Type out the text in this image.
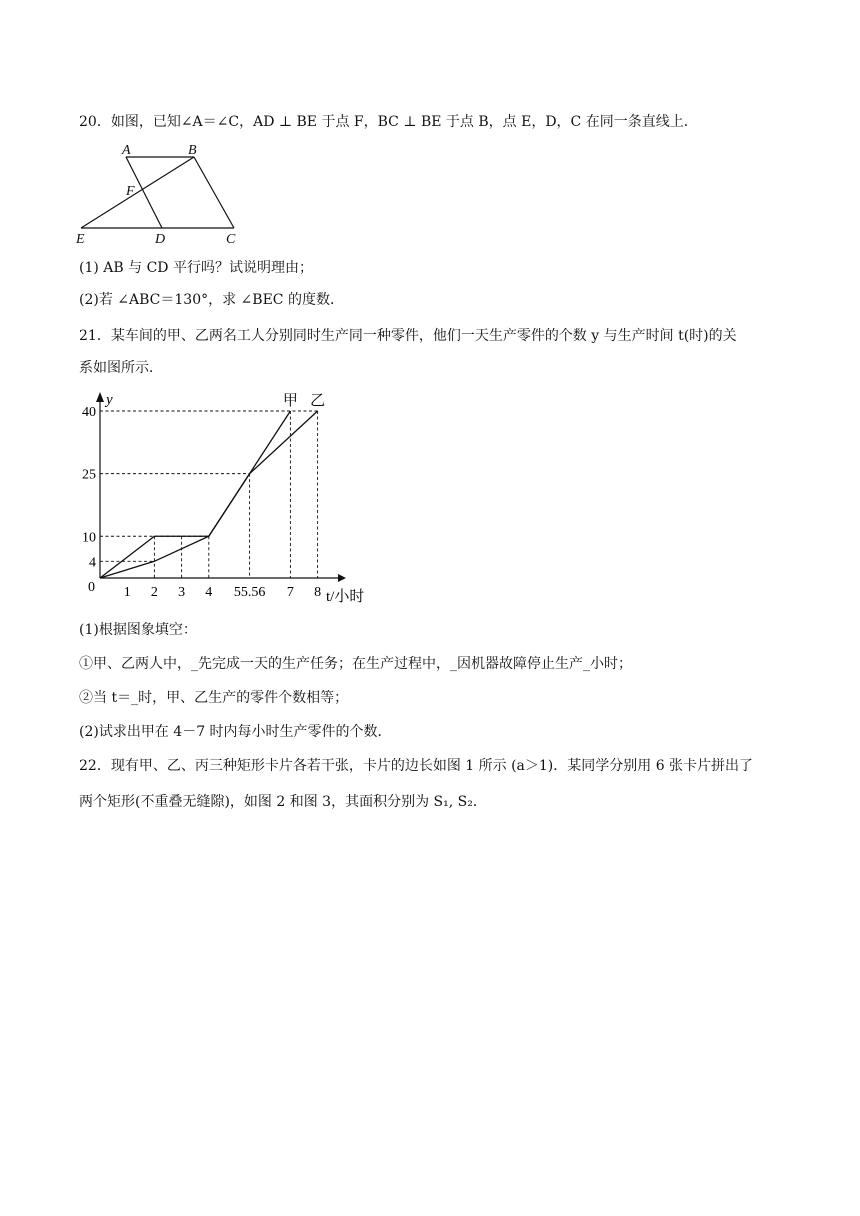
20．如图，已知∠A＝∠C，AD ⊥ BE 于点 F，BC ⊥ BE 于点 B，点 E，D，C 在同一条直线上．
A	B
F
E	D	C
(1) AB 与 CD 平行吗？试说明理由；
(2)若 ∠ABC＝130°，求 ∠BEC 的度数．
21．某车间的甲、乙两名工人分别同时生产同一种零件，他们一天生产零件的个数 y 与生产时间 t(时)的关
系如图所示．
y
0
t/小时
40
25
10
4
1 2 3 4 55.56 7 8
甲 乙
(1)根据图象填空：
①甲、乙两人中，_先完成一天的生产任务；在生产过程中，_因机器故障停止生产_小时；
②当 t＝_时，甲、乙生产的零件个数相等；
(2)试求出甲在 4－7 时内每小时生产零件的个数．
22．现有甲、乙、丙三种矩形卡片各若干张，卡片的边长如图 1 所示 (a＞1)．某同学分别用 6 张卡片拼出了
两个矩形(不重叠无缝隙)，如图 2 和图 3，其面积分别为 S₁, S₂．
